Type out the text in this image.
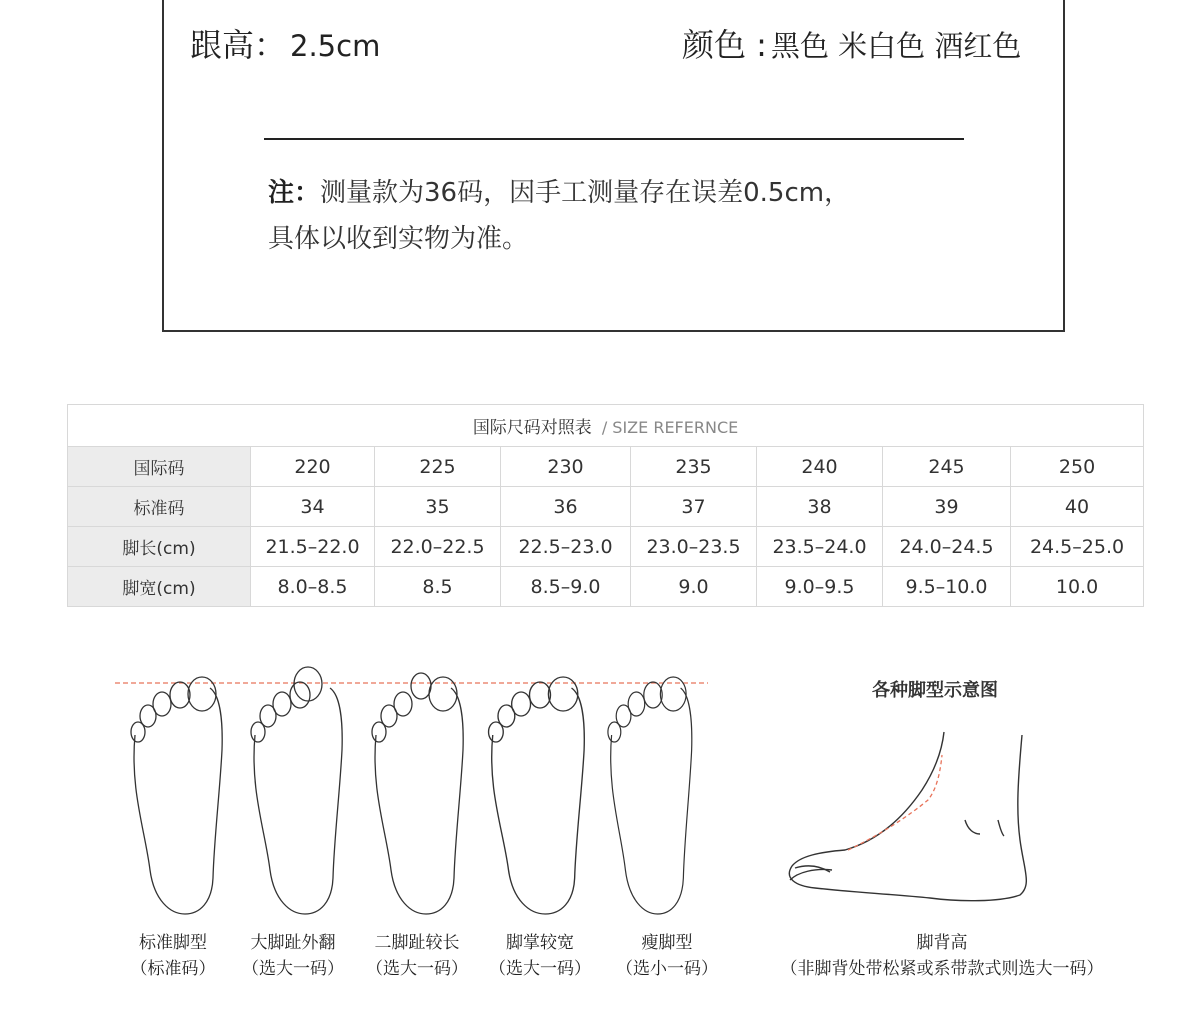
跟高： 2.5cm	颜色 : 黑色 米白色 酒红色
注：测量款为36码，因手工测量存在误差0.5cm，
具体以收到实物为准。
国际尺码对照表 / SIZE REFERNCE							
国际码	220	225	230	235	240	245	250
标准码	34	35	36	37	38	39	40
脚长(cm)	21.5–22.0	22.0–22.5	22.5–23.0	23.0–23.5	23.5–24.0	24.0–24.5	24.5–25.0
脚宽(cm)	8.0–8.5	8.5	8.5–9.0	9.0	9.0–9.5	9.5–10.0	10.0
各种脚型示意图
标准脚型
（标准码）
大脚趾外翻
（选大一码）
二脚趾较长
（选大一码）
脚掌较宽
（选大一码）
瘦脚型
（选小一码）
脚背高
（非脚背处带松紧或系带款式则选大一码）
